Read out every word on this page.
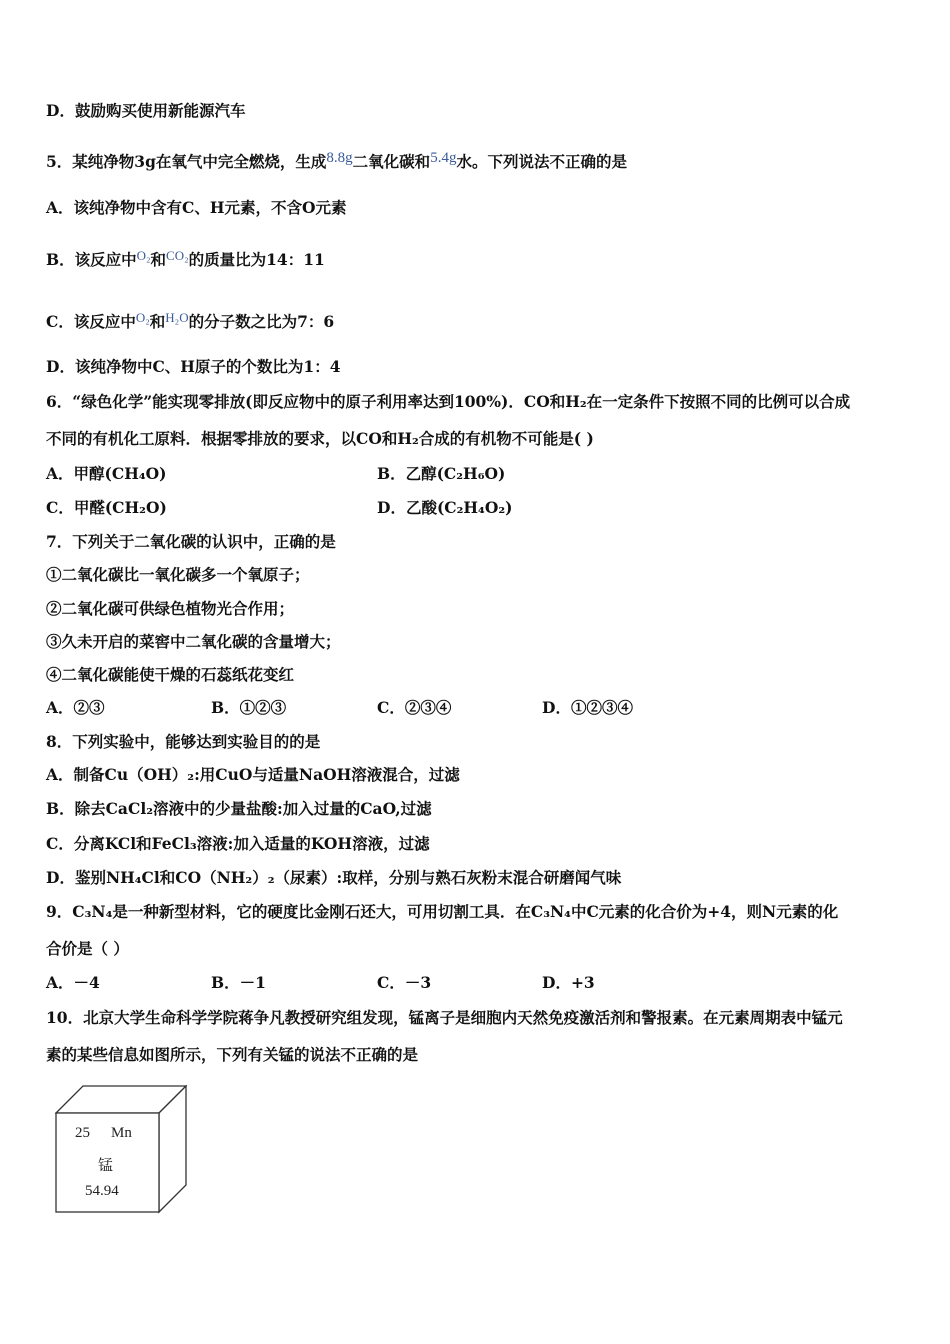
D．鼓励购买使用新能源汽车
5．某纯净物3g在氧气中完全燃烧，生成8.8g二氧化碳和5.4g水。下列说法不正确的是
A．该纯净物中含有C、H元素，不含O元素
B．该反应中$^{O_2}$和$^{CO_2}$的质量比为14：11
C．该反应中$^{O_2}$和$^{H_2O}$的分子数之比为7：6
D．该纯净物中C、H原子的个数比为1：4
6．“绿色化学”能实现零排放(即反应物中的原子利用率达到100%)．CO和H₂在一定条件下按照不同的比例可以合成
不同的有机化工原料．根据零排放的要求，以CO和H₂合成的有机物不可能是( )
A．甲醇(CH₄O)	B．乙醇(C₂H₆O)
C．甲醛(CH₂O)	D．乙酸(C₂H₄O₂)
7．下列关于二氧化碳的认识中，正确的是
①二氧化碳比一氧化碳多一个氧原子；
②二氧化碳可供绿色植物光合作用；
③久未开启的菜窖中二氧化碳的含量增大；
④二氧化碳能使干燥的石蕊纸花变红
A．②③	B．①②③	C．②③④	D．①②③④
8．下列实验中，能够达到实验目的的是
A．制备Cu（OH）₂:用CuO与适量NaOH溶液混合，过滤
B．除去CaCl₂溶液中的少量盐酸:加入过量的CaO,过滤
C．分离KCl和FeCl₃溶液:加入适量的KOH溶液，过滤
D．鉴别NH₄Cl和CO（NH₂）₂（尿素）:取样，分别与熟石灰粉末混合研磨闻气味
9．C₃N₄是一种新型材料，它的硬度比金刚石还大，可用切割工具．在C₃N₄中C元素的化合价为+4，则N元素的化
合价是（ ）
A．－4	B．－1	C．－3	D．+3
10．北京大学生命科学学院蒋争凡教授研究组发现，锰离子是细胞内天然免疫激活剂和警报素。在元素周期表中锰元
素的某些信息如图所示，下列有关锰的说法不正确的是
25 Mn
锰
54.94
